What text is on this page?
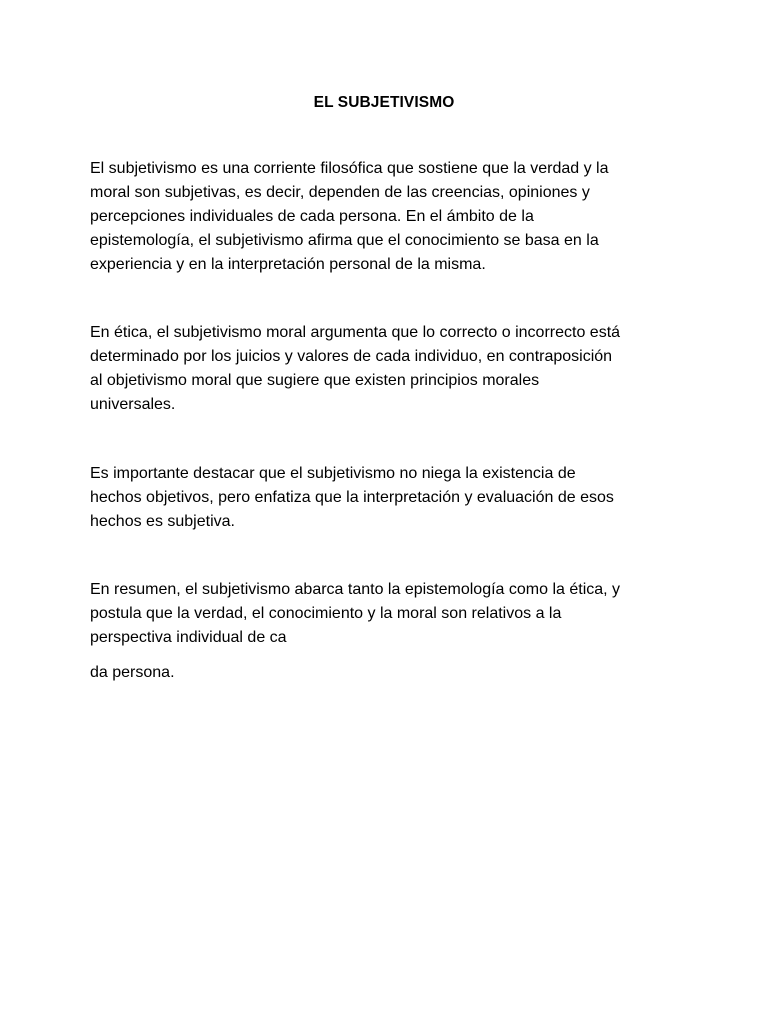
EL SUBJETIVISMO

El subjetivismo es una corriente filosófica que sostiene que la verdad y la
moral son subjetivas, es decir, dependen de las creencias, opiniones y
percepciones individuales de cada persona. En el ámbito de la
epistemología, el subjetivismo afirma que el conocimiento se basa en la
experiencia y en la interpretación personal de la misma.

En ética, el subjetivismo moral argumenta que lo correcto o incorrecto está
determinado por los juicios y valores de cada individuo, en contraposición
al objetivismo moral que sugiere que existen principios morales
universales.

Es importante destacar que el subjetivismo no niega la existencia de
hechos objetivos, pero enfatiza que la interpretación y evaluación de esos
hechos es subjetiva.

En resumen, el subjetivismo abarca tanto la epistemología como la ética, y
postula que la verdad, el conocimiento y la moral son relativos a la
perspectiva individual de ca

da persona.
